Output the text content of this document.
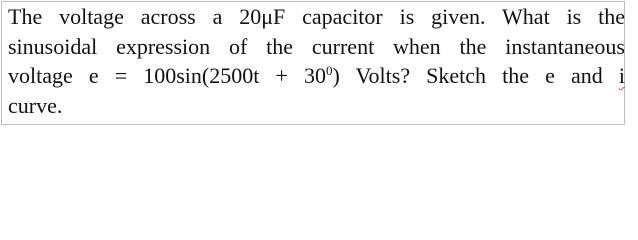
The voltage across a 20μF capacitor is given. What is the
sinusoidal expression of the current when the instantaneous
voltage $e = 100\sin(2500t + 30^0)$ Volts? Sketch the e and i
curve.
